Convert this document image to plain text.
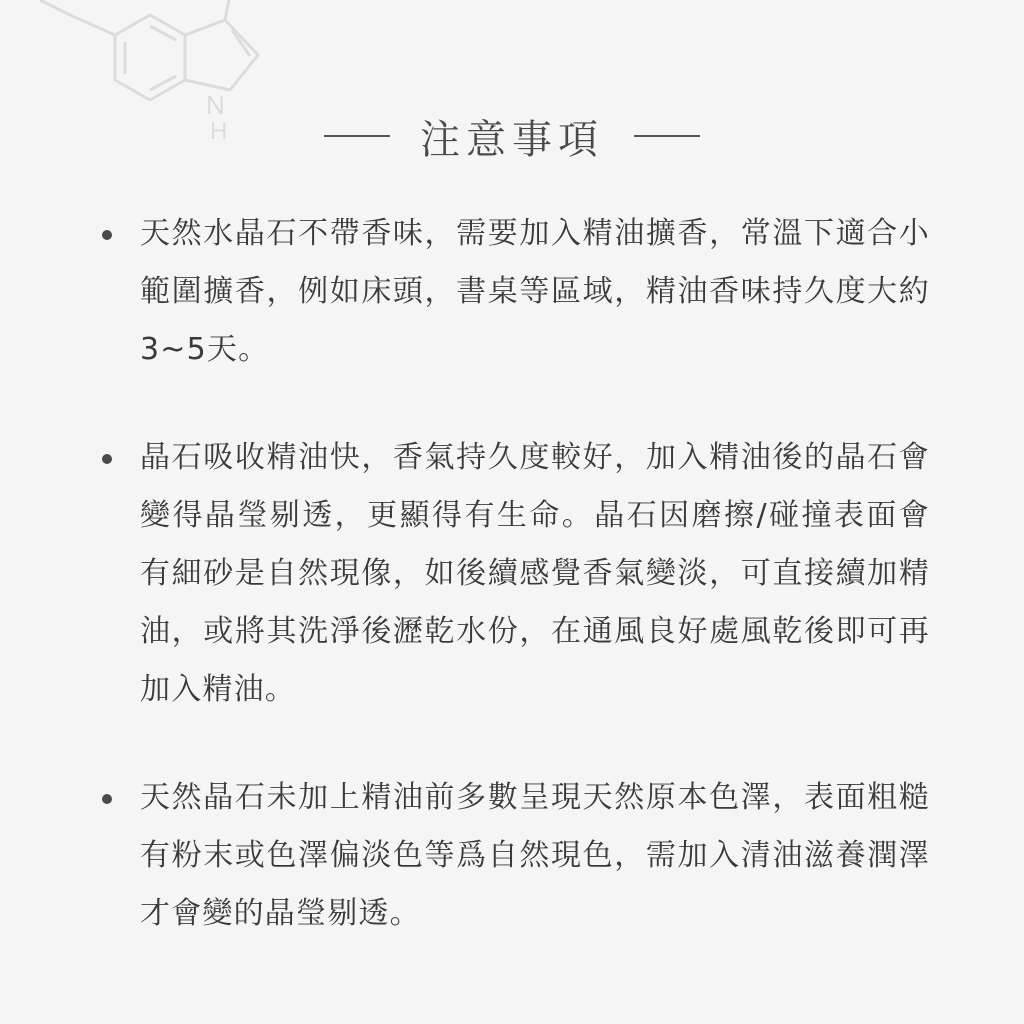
N
H	注意事項
天然水晶石不帶香味，需要加入精油擴香，常溫下適合小範圍擴香，例如床頭，書桌等區域，精油香味持久度大約3~5天。
晶石吸收精油快，香氣持久度較好，加入精油後的晶石會變得晶瑩剔透，更顯得有生命。晶石因磨擦/碰撞表面會有細砂是自然現像，如後續感覺香氣變淡，可直接續加精油，或將其洗淨後瀝乾水份，在通風良好處風乾後即可再加入精油。
天然晶石未加上精油前多數呈現天然原本色澤，表面粗糙有粉末或色澤偏淡色等爲自然現色，需加入清油滋養潤澤才會變的晶瑩剔透。
